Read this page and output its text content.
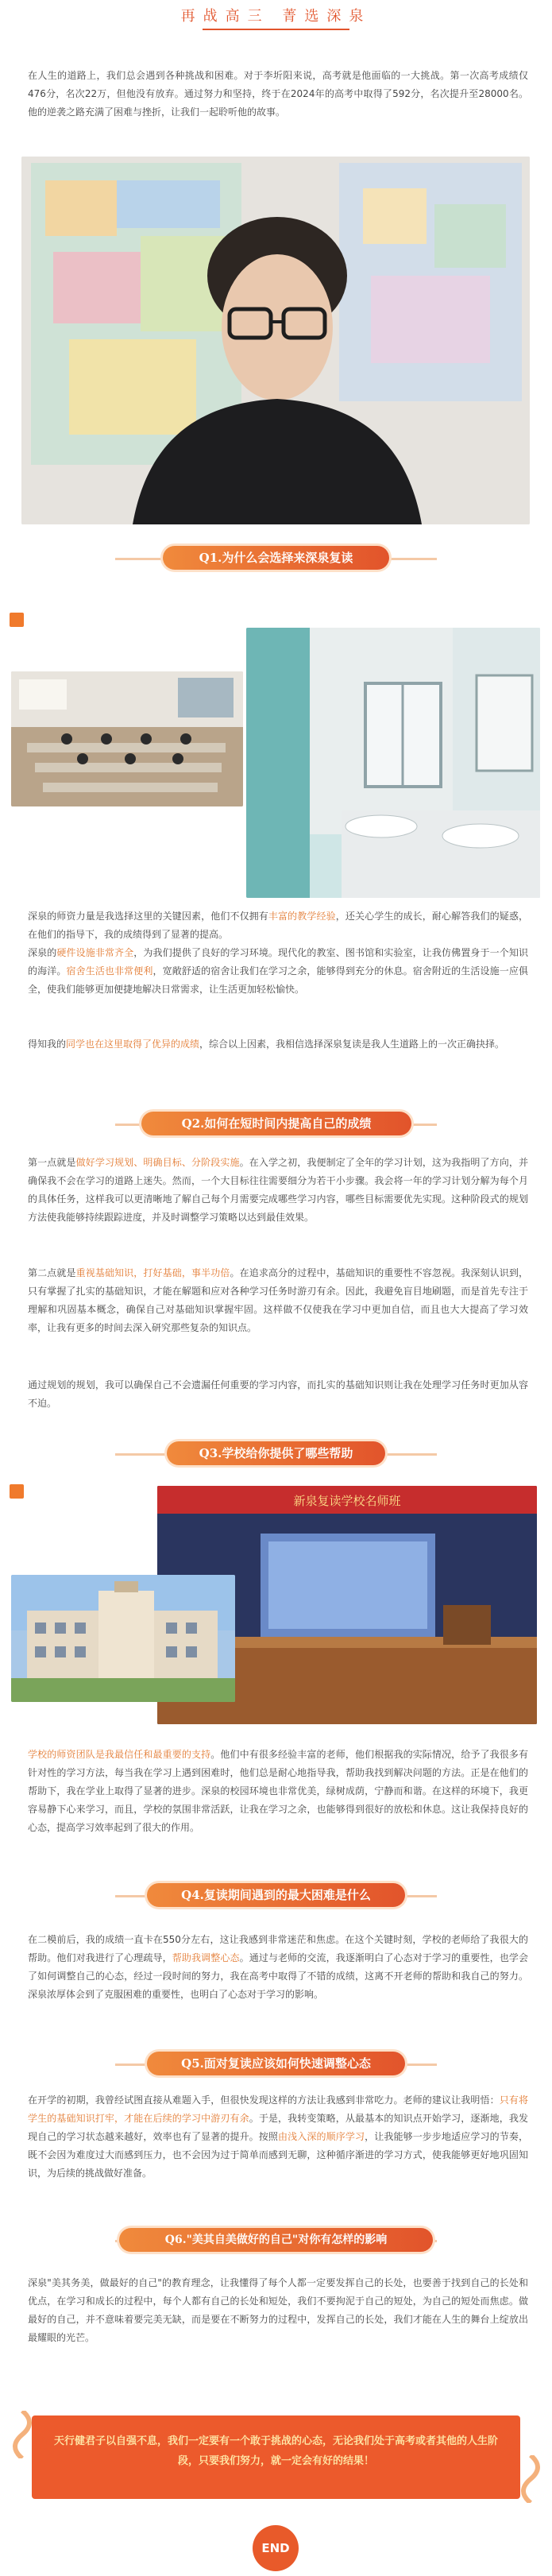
再战高三 菁选深泉
在人生的道路上，我们总会遇到各种挑战和困难。对于李圻阳来说，高考就是他面临的一大挑战。第一次高考成绩仅476分，名次22万，但他没有放弃。通过努力和坚持，终于在2024年的高考中取得了592分，名次提升至28000名。他的逆袭之路充满了困难与挫折，让我们一起聆听他的故事。
Q1.为什么会选择来深泉复读
深泉的师资力量是我选择这里的关键因素，他们不仅拥有丰富的教学经验，还关心学生的成长，耐心解答我们的疑惑，在他们的指导下，我的成绩得到了显著的提高。
深泉的硬件设施非常齐全，为我们提供了良好的学习环境。现代化的教室、图书馆和实验室，让我仿佛置身于一个知识的海洋。宿舍生活也非常便利，宽敞舒适的宿舍让我们在学习之余，能够得到充分的休息。宿舍附近的生活设施一应俱全，使我们能够更加便捷地解决日常需求，让生活更加轻松愉快。
得知我的同学也在这里取得了优异的成绩，综合以上因素，我相信选择深泉复读是我人生道路上的一次正确抉择。
Q2.如何在短时间内提高自己的成绩
第一点就是做好学习规划、明确目标、分阶段实施。在入学之初，我便制定了全年的学习计划，这为我指明了方向，并确保我不会在学习的道路上迷失。然而，一个大目标往往需要细分为若干小步骤。我会将一年的学习计划分解为每个月的具体任务，这样我可以更清晰地了解自己每个月需要完成哪些学习内容，哪些目标需要优先实现。这种阶段式的规划方法使我能够持续跟踪进度，并及时调整学习策略以达到最佳效果。
第二点就是重视基础知识，打好基础，事半功倍。在追求高分的过程中，基础知识的重要性不容忽视。我深刻认识到，只有掌握了扎实的基础知识，才能在解题和应对各种学习任务时游刃有余。因此，我避免盲目地刷题，而是首先专注于理解和巩固基本概念，确保自己对基础知识掌握牢固。这样做不仅使我在学习中更加自信，而且也大大提高了学习效率，让我有更多的时间去深入研究那些复杂的知识点。
通过规划的规划，我可以确保自己不会遗漏任何重要的学习内容，而扎实的基础知识则让我在处理学习任务时更加从容不迫。
Q3.学校给你提供了哪些帮助
新泉复读学校名师班
学校的师资团队是我最信任和最重要的支持。他们中有很多经验丰富的老师，他们根据我的实际情况，给予了我很多有针对性的学习方法，每当我在学习上遇到困难时，他们总是耐心地指导我，帮助我找到解决问题的方法。正是在他们的帮助下，我在学业上取得了显著的进步。深泉的校园环境也非常优美，绿树成荫，宁静而和谐。在这样的环境下，我更容易静下心来学习，而且，学校的氛围非常活跃，让我在学习之余，也能够得到很好的放松和休息。这让我保持良好的心态，提高学习效率起到了很大的作用。
Q4.复读期间遇到的最大困难是什么
在二模前后，我的成绩一直卡在550分左右，这让我感到非常迷茫和焦虑。在这个关键时刻，学校的老师给了我很大的帮助。他们对我进行了心理疏导，帮助我调整心态。通过与老师的交流，我逐渐明白了心态对于学习的重要性，也学会了如何调整自己的心态，经过一段时间的努力，我在高考中取得了不错的成绩，这离不开老师的帮助和我自己的努力。深泉浓厚体会到了克服困难的重要性，也明白了心态对于学习的影响。
Q5.面对复读应该如何快速调整心态
在开学的初期，我曾经试图直接从难题入手，但很快发现这样的方法让我感到非常吃力。老师的建议让我明悟：只有将学生的基础知识打牢，才能在后续的学习中游刃有余。于是，我转变策略，从最基本的知识点开始学习，逐渐地，我发现自己的学习状态越来越好，效率也有了显著的提升。按照由浅入深的顺序学习，让我能够一步步地适应学习的节奏，既不会因为难度过大而感到压力，也不会因为过于简单而感到无聊，这种循序渐进的学习方式，使我能够更好地巩固知识，为后续的挑战做好准备。
Q6."美其自美做好的自己"对你有怎样的影响
深泉"美其务美，做最好的自己"的教育理念，让我懂得了每个人都一定要发挥自己的长处，也要善于找到自己的长处和优点，在学习和成长的过程中，每个人都有自己的长处和短处，我们不要拘泥于自己的短处，为自己的短处而焦虑。做最好的自己，并不意味着要完美无缺，而是要在不断努力的过程中，发挥自己的长处，我们才能在人生的舞台上绽放出最耀眼的光芒。
天行健君子以自强不息，我们一定要有一个敢于挑战的心态，无论我们处于高考或者其他的人生阶段，只要我们努力，就一定会有好的结果！
END
